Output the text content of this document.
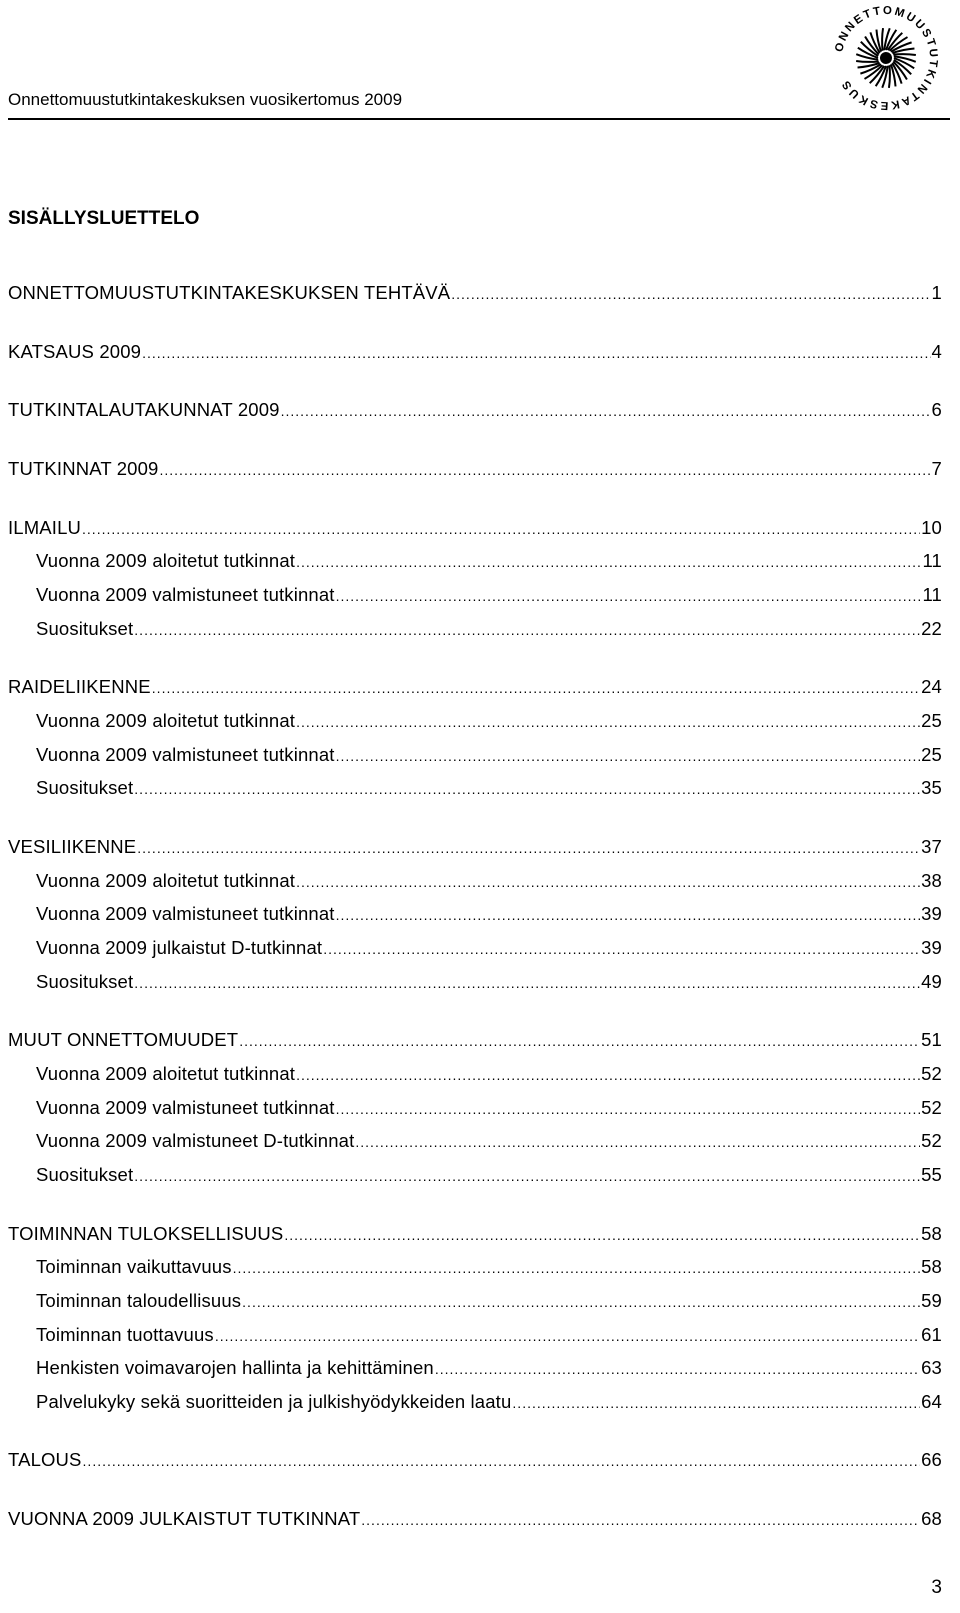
Onnettomuustutkintakeskuksen vuosikertomus 2009
ONNETTOMUUSTUTKINTAKESKUS
SISÄLLYSLUETTELO
ONNETTOMUUSTUTKINTAKESKUKSEN TEHTÄVÄ .....	1
KATSAUS 2009 .....	4
TUTKINTALAUTAKUNNAT 2009 .....	6
TUTKINNAT 2009 .....	7
ILMAILU .....	10
Vuonna 2009 aloitetut tutkinnat .....	11
Vuonna 2009 valmistuneet tutkinnat .....	11
Suositukset .....	22
RAIDELIIKENNE .....	24
Vuonna 2009 aloitetut tutkinnat .....	25
Vuonna 2009 valmistuneet tutkinnat .....	25
Suositukset .....	35
VESILIIKENNE .....	37
Vuonna 2009 aloitetut tutkinnat .....	38
Vuonna 2009 valmistuneet tutkinnat .....	39
Vuonna 2009 julkaistut D-tutkinnat .....	39
Suositukset .....	49
MUUT ONNETTOMUUDET .....	51
Vuonna 2009 aloitetut tutkinnat .....	52
Vuonna 2009 valmistuneet tutkinnat .....	52
Vuonna 2009 valmistuneet D-tutkinnat .....	52
Suositukset .....	55
TOIMINNAN TULOKSELLISUUS .....	58
Toiminnan vaikuttavuus .....	58
Toiminnan taloudellisuus .....	59
Toiminnan tuottavuus .....	61
Henkisten voimavarojen hallinta ja kehittäminen .....	63
Palvelukyky sekä suoritteiden ja julkishyödykkeiden laatu .....	64
TALOUS .....	66
VUONNA 2009 JULKAISTUT TUTKINNAT .....	68
3
